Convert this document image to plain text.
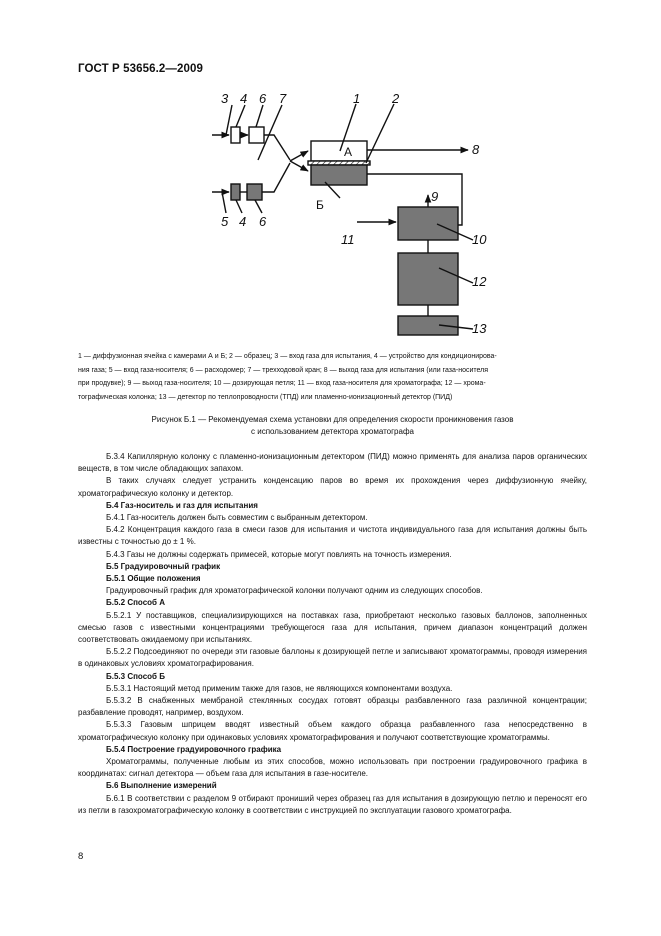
ГОСТ Р 53656.2—2009
3 4 6 7	1 2
8
9
10
11
12
13
5 4 6
А
Б
1 — диффузионная ячейка с камерами А и Б; 2 — образец; 3 — вход газа для испытания, 4 — устройство для кондиционирова-
ния газа; 5 — вход газа-носителя; 6 — расходомер; 7 — трехходовой кран; 8 — выход газа для испытания (или газа-носителя
при продувке); 9 — выход газа-носителя; 10 — дозирующая петля; 11 — вход газа-носителя для хроматографа; 12 — хрома-
тографическая колонка; 13 — детектор по теплопроводности (ТПД) или пламенно-ионизационный детектор (ПИД)
Рисунок Б.1 — Рекомендуемая схема установки для определения скорости проникновения газов
с использованием детектора хроматографа

Б.3.4 Капиллярную колонку с пламенно-ионизационным детектором (ПИД) можно применять для анализа паров органических веществ, в том числе обладающих запахом.

В таких случаях следует устранить конденсацию паров во время их прохождения через диффузионную ячейку, хроматографическую колонку и детектор.

Б.4 Газ-носитель и газ для испытания

Б.4.1 Газ-носитель должен быть совместим с выбранным детектором.

Б.4.2 Концентрация каждого газа в смеси газов для испытания и чистота индивидуального газа для испытания должны быть известны с точностью до ± 1 %.

Б.4.3 Газы не должны содержать примесей, которые могут повлиять на точность измерения.

Б.5 Градуировочный график

Б.5.1 Общие положения

Градуировочный график для хроматографической колонки получают одним из следующих способов.

Б.5.2 Способ А

Б.5.2.1 У поставщиков, специализирующихся на поставках газа, приобретают несколько газовых баллонов, заполненных смесью газов с известными концентрациями требующегося газа для испытания, причем диапазон концентраций должен соответствовать ожидаемому при испытаниях.

Б.5.2.2 Подсоединяют по очереди эти газовые баллоны к дозирующей петле и записывают хроматограммы, проводя измерения в одинаковых условиях хроматографирования.

Б.5.3 Способ Б

Б.5.3.1 Настоящий метод применим также для газов, не являющихся компонентами воздуха.

Б.5.3.2 В снабженных мембраной стеклянных сосудах готовят образцы разбавленного газа различной концентрации; разбавление проводят, например, воздухом.

Б.5.3.3 Газовым шприцем вводят известный объем каждого образца разбавленного газа непосредственно в хроматографическую колонку при одинаковых условиях хроматографирования и получают соответствующие хроматограммы.

Б.5.4 Построение градуировочного графика

Хроматограммы, полученные любым из этих способов, можно использовать при построении градуировочного графика в координатах: сигнал детектора — объем газа для испытания в газе-носителе.

Б.6 Выполнение измерений

Б.6.1 В соответствии с разделом 9 отбирают прониший через образец газ для испытания в дозирующую петлю и переносят его из петли в газохроматографическую колонку в соответствии с инструкцией по эксплуатации газового хроматографа.

8
